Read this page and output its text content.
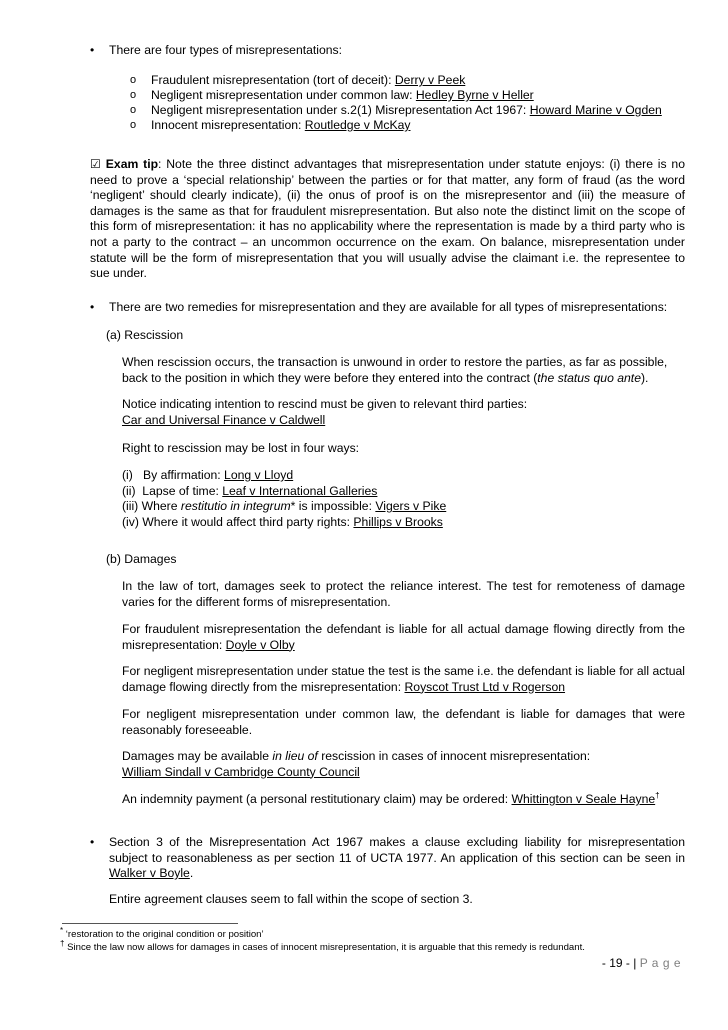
• There are four types of misrepresentations:
o Fraudulent misrepresentation (tort of deceit): Derry v Peek
o Negligent misrepresentation under common law: Hedley Byrne v Heller
o Negligent misrepresentation under s.2(1) Misrepresentation Act 1967: Howard Marine v Ogden
o Innocent misrepresentation: Routledge v McKay
☑ Exam tip: Note the three distinct advantages that misrepresentation under statute enjoys: (i) there is no need to prove a ‘special relationship’ between the parties or for that matter, any form of fraud (as the word ‘negligent’ should clearly indicate), (ii) the onus of proof is on the misrepresentor and (iii) the measure of damages is the same as that for fraudulent misrepresentation. But also note the distinct limit on the scope of this form of misrepresentation: it has no applicability where the representation is made by a third party who is not a party to the contract – an uncommon occurrence on the exam. On balance, misrepresentation under statute will be the form of misrepresentation that you will usually advise the claimant i.e. the representee to sue under.
• There are two remedies for misrepresentation and they are available for all types of misrepresentations:
(a) Rescission
When rescission occurs, the transaction is unwound in order to restore the parties, as far as possible, back to the position in which they were before they entered into the contract (the status quo ante).
Notice indicating intention to rescind must be given to relevant third parties:
Car and Universal Finance v Caldwell
Right to rescission may be lost in four ways:
(i)   By affirmation: Long v Lloyd
(ii)  Lapse of time: Leaf v International Galleries
(iii) Where restitutio in integrum* is impossible: Vigers v Pike
(iv) Where it would affect third party rights: Phillips v Brooks
(b) Damages
In the law of tort, damages seek to protect the reliance interest. The test for remoteness of damage varies for the different forms of misrepresentation.
For fraudulent misrepresentation the defendant is liable for all actual damage flowing directly from the misrepresentation: Doyle v Olby
For negligent misrepresentation under statue the test is the same i.e. the defendant is liable for all actual damage flowing directly from the misrepresentation: Royscot Trust Ltd v Rogerson
For negligent misrepresentation under common law, the defendant is liable for damages that were reasonably foreseeable.
Damages may be available in lieu of rescission in cases of innocent misrepresentation:
William Sindall v Cambridge County Council
An indemnity payment (a personal restitutionary claim) may be ordered: Whittington v Seale Hayne†
• Section 3 of the Misrepresentation Act 1967 makes a clause excluding liability for misrepresentation subject to reasonableness as per section 11 of UCTA 1977. An application of this section can be seen in Walker v Boyle.
Entire agreement clauses seem to fall within the scope of section 3.
* ‘restoration to the original condition or position’
† Since the law now allows for damages in cases of innocent misrepresentation, it is arguable that this remedy is redundant.
- 19 - | P a g e
